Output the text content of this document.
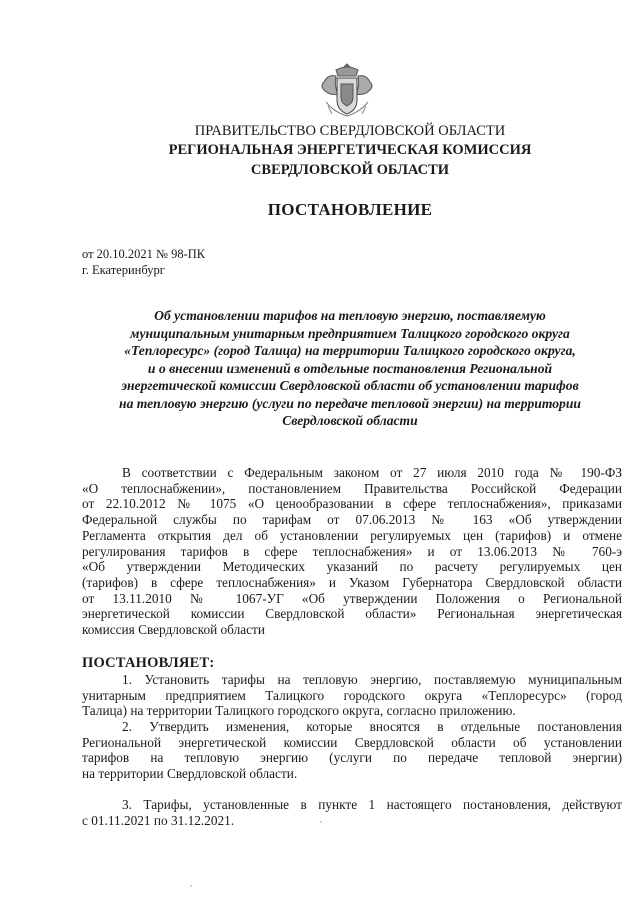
ПРАВИТЕЛЬСТВО СВЕРДЛОВСКОЙ ОБЛАСТИ
РЕГИОНАЛЬНАЯ ЭНЕРГЕТИЧЕСКАЯ КОМИССИЯ
СВЕРДЛОВСКОЙ ОБЛАСТИ
ПОСТАНОВЛЕНИЕ
от 20.10.2021 № 98-ПК
г. Екатеринбург
Об установлении тарифов на тепловую энергию, поставляемую
муниципальным унитарным предприятием Талицкого городского округа
«Теплоресурс» (город Талица) на территории Талицкого городского округа,
и о внесении изменений в отдельные постановления Региональной
энергетической комиссии Свердловской области об установлении тарифов
на тепловую энергию (услуги по передаче тепловой энергии) на территории
Свердловской области
В соответствии с Федеральным законом от 27 июля 2010 года № 190-ФЗ
«О теплоснабжении», постановлением Правительства Российской Федерации
от 22.10.2012 № 1075 «О ценообразовании в сфере теплоснабжения», приказами
Федеральной службы по тарифам от 07.06.2013 № 163 «Об утверждении
Регламента открытия дел об установлении регулируемых цен (тарифов) и отмене
регулирования тарифов в сфере теплоснабжения» и от 13.06.2013 № 760-э
«Об утверждении Методических указаний по расчету регулируемых цен
(тарифов) в сфере теплоснабжения» и Указом Губернатора Свердловской области
от 13.11.2010 № 1067-УГ «Об утверждении Положения о Региональной
энергетической комиссии Свердловской области» Региональная энергетическая
комиссия Свердловской области
ПОСТАНОВЛЯЕТ:
1. Установить тарифы на тепловую энергию, поставляемую муниципальным
унитарным предприятием Талицкого городского округа «Теплоресурс» (город
Талица) на территории Талицкого городского округа, согласно приложению.
2. Утвердить изменения, которые вносятся в отдельные постановления
Региональной энергетической комиссии Свердловской области об установлении
тарифов на тепловую энергию (услуги по передаче тепловой энергии)
на территории Свердловской области.
3. Тарифы, установленные в пункте 1 настоящего постановления, действуют
с 01.11.2021 по 31.12.2021.
